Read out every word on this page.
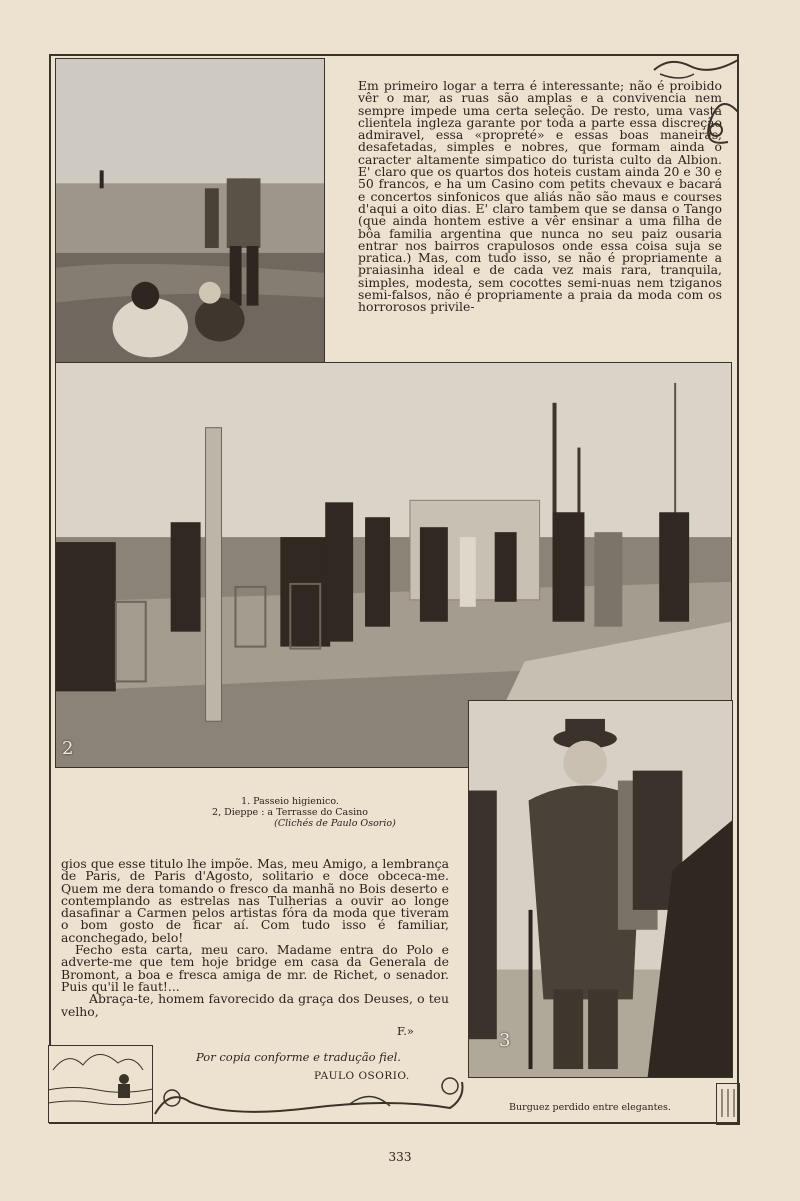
Em primeiro logar a terra é interessante; não é proibido vêr o mar, as ruas são amplas e a convivencia nem sempre impede uma certa seleção. De resto, uma vasta clientela ingleza garante por toda a parte essa discreção admiravel, essa «propreté» e essas boas maneiras, desafetadas, simples e nobres, que formam ainda o caracter altamente simpatico do turista culto da Albion. E' claro que os quartos dos hoteis custam ainda 20 e 30 e 50 francos, e ha um Casino com petits chevaux e bacará e concertos sinfonicos que aliás não são maus e courses d'aqui a oito dias. E' claro tambem que se dansa o Tango (que ainda hontem estive a vêr ensinar a uma filha de bôa familia argentina que nunca no seu paiz ousaria entrar nos bairros crapulosos onde essa coisa suja se pratica.) Mas, com tudo isso, se não é propriamente a praiasinha ideal e de cada vez mais rara, tranquila, simples, modesta, sem cocottes semi-nuas nem tziganos semi-falsos, não é propriamente a praia da moda com os horrorosos privile-

2
1. Passeio higienico.
2, Dieppe : a Terrasse do Casino
(Clichés de Paulo Osorio)
3

gios que esse titulo lhe impõe. Mas, meu Amigo, a lembrança de Paris, de Paris d'Agosto, solitario e doce obceca-me. Quem me dera tomando o fresco da manhã no Bois deserto e contemplando as estrelas nas Tulherias a ouvir ao longe dasafinar a Carmen pelos artistas fóra da moda que tiveram o bom gosto de ficar aí. Com tudo isso é familiar, aconchegado, belo!

Fecho esta carta, meu caro. Madame entra do Polo e adverte-me que tem hoje bridge em casa da Generala de Bromont, a boa e fresca amiga de mr. de Richet, o senador. Puis qu'il le faut!...

Abraça-te, homem favorecido da graça dos Deuses, o teu velho,

F.»
Por copia conforme e tradução fiel.
PAULO OSORIO.
Burguez perdido entre elegantes.
333
